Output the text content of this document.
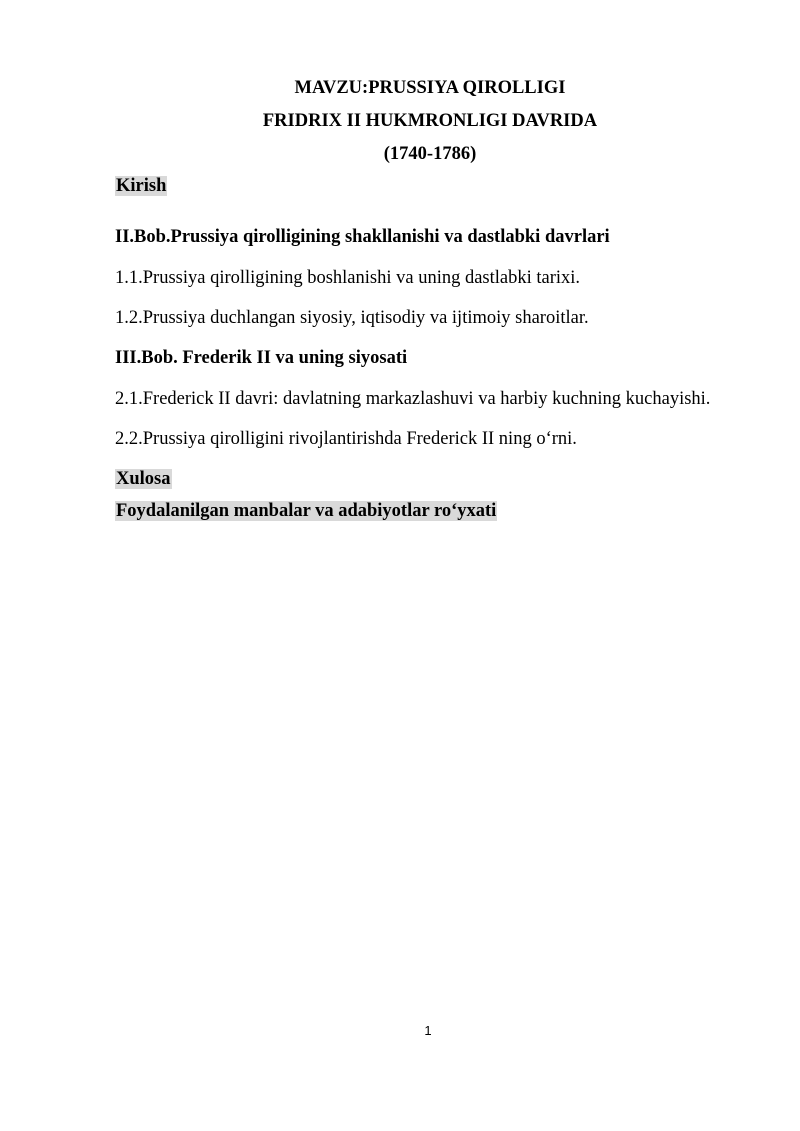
MAVZU:PRUSSIYA QIROLLIGI
FRIDRIX II HUKMRONLIGI DAVRIDA
(1740-1786)
Kirish
II.Bob.Prussiya qirolligining shakllanishi va dastlabki davrlari
1.1.Prussiya qirolligining boshlanishi va uning dastlabki tarixi.
1.2.Prussiya duchlangan siyosiy, iqtisodiy va ijtimoiy sharoitlar.
III.Bob. Frederik II va uning siyosati
2.1.Frederick II davri: davlatning markazlashuvi va harbiy kuchning kuchayishi.
2.2.Prussiya qirolligini rivojlantirishda Frederick II ning o‘rni.
Xulosa
Foydalanilgan manbalar va adabiyotlar ro‘yxati
1
